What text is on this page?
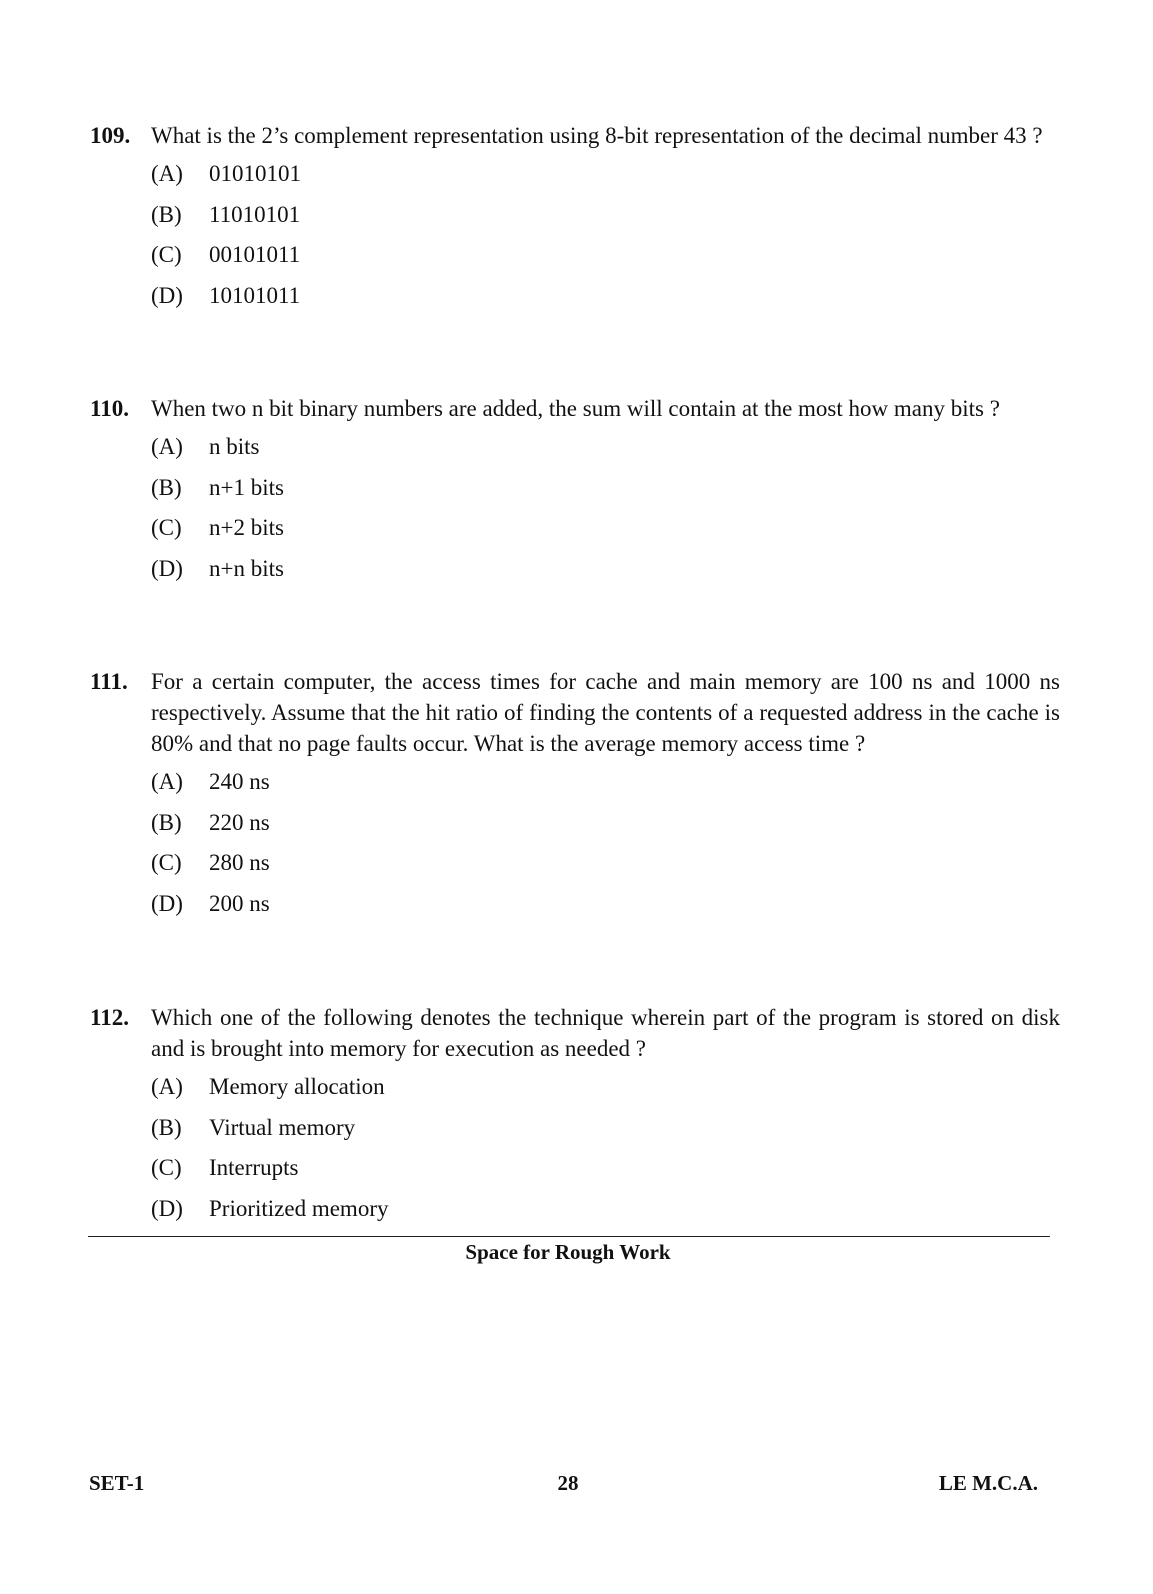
109. What is the 2’s complement representation using 8-bit representation of the decimal number 43 ?
(A) 01010101
(B) 11010101
(C) 00101011
(D) 10101011
110. When two n bit binary numbers are added, the sum will contain at the most how many bits ?
(A) n bits
(B) n+1 bits
(C) n+2 bits
(D) n+n bits
111. For a certain computer, the access times for cache and main memory are 100 ns and 1000 ns respectively. Assume that the hit ratio of finding the contents of a requested address in the cache is 80% and that no page faults occur. What is the average memory access time ?
(A) 240 ns
(B) 220 ns
(C) 280 ns
(D) 200 ns
112. Which one of the following denotes the technique wherein part of the program is stored on disk and is brought into memory for execution as needed ?
(A) Memory allocation
(B) Virtual memory
(C) Interrupts
(D) Prioritized memory
Space for Rough Work
SET-1	28	LE M.C.A.
